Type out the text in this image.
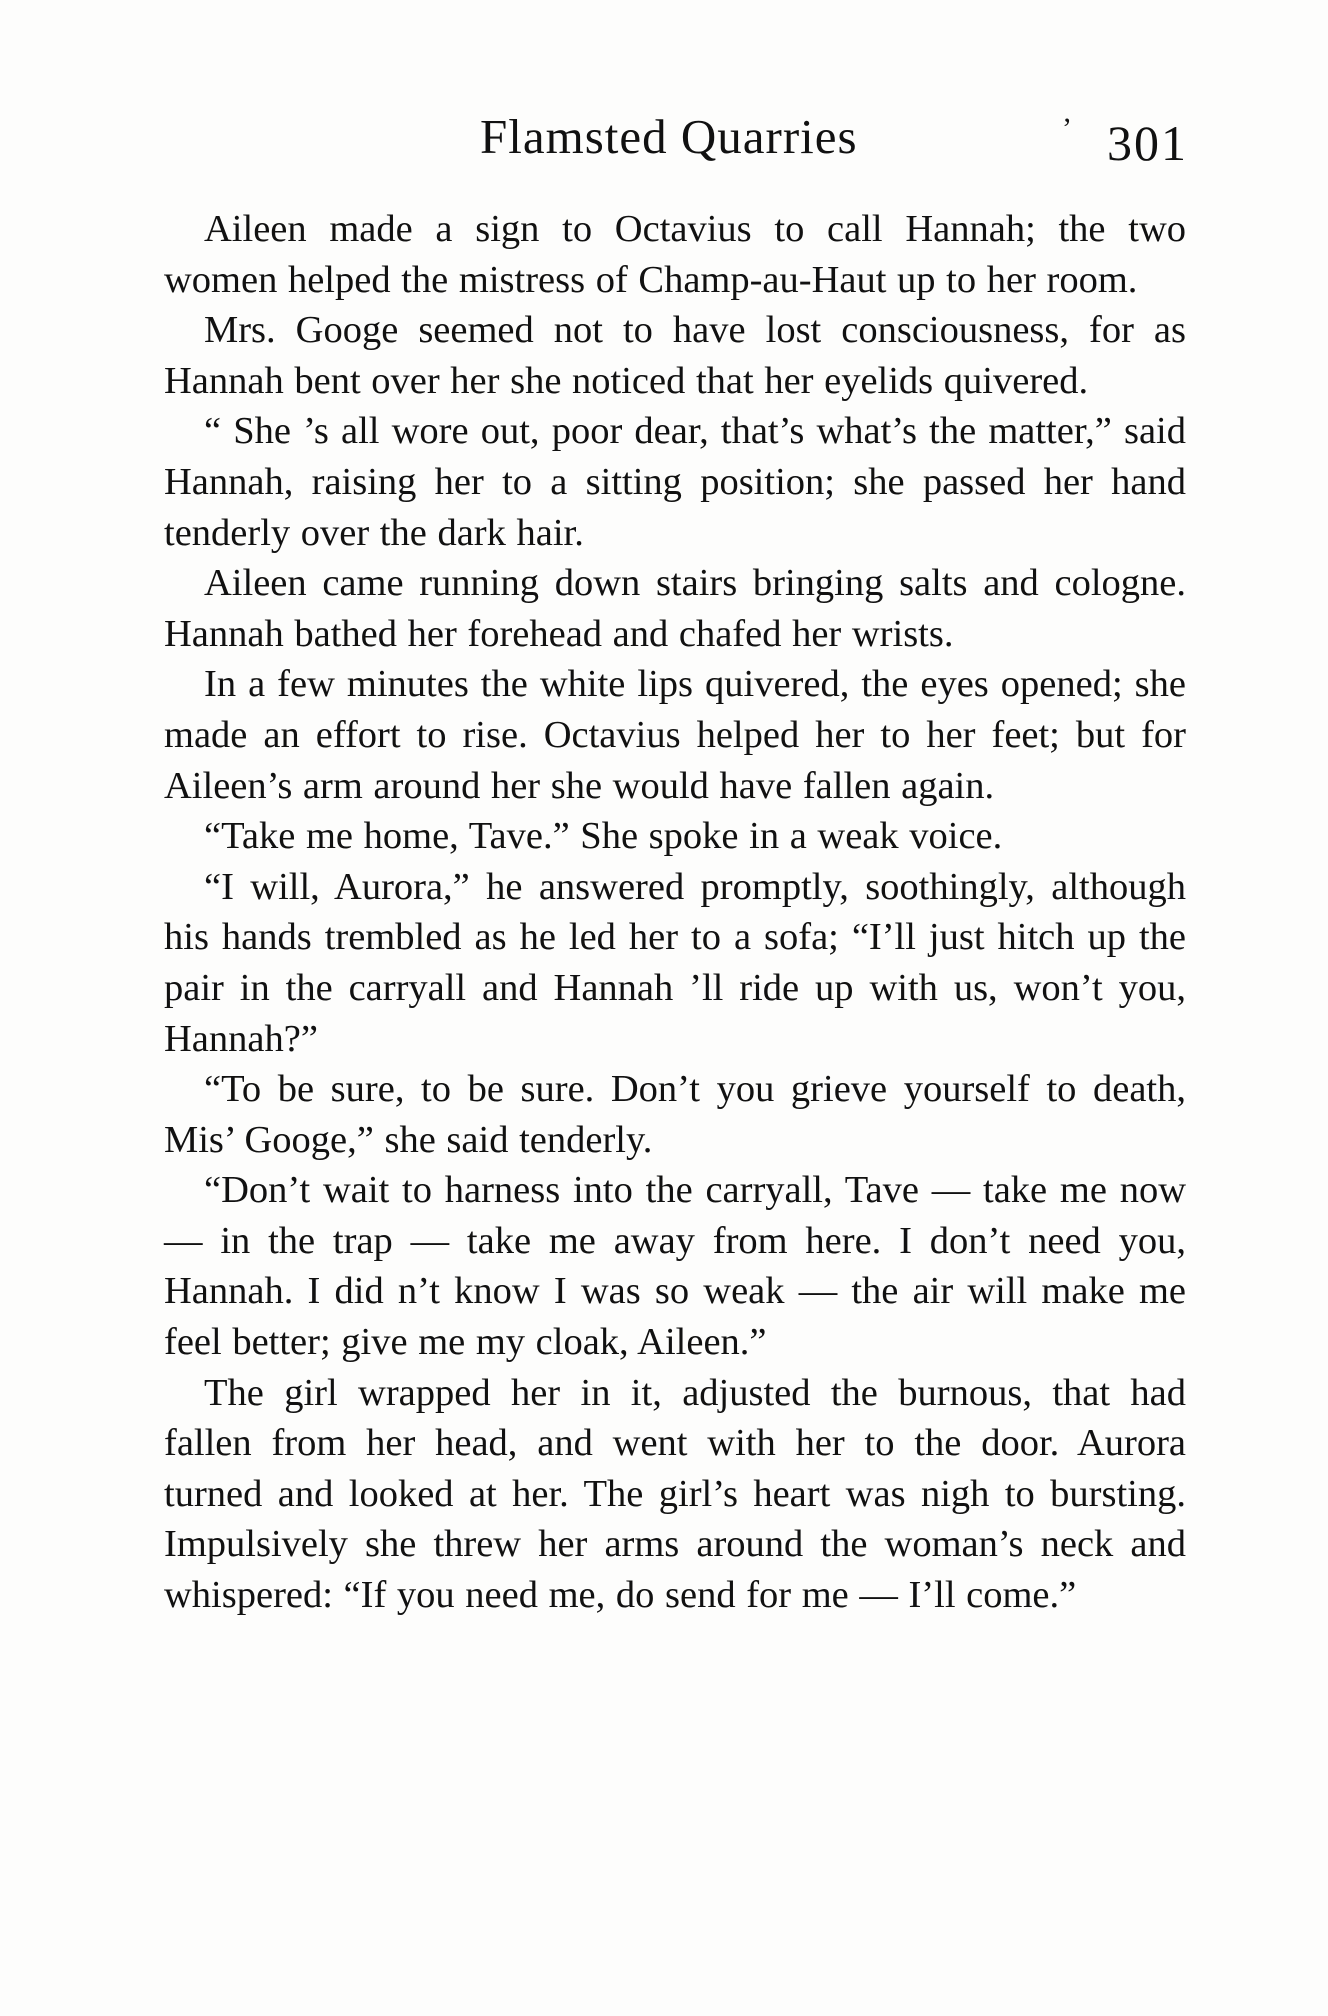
Flamsted Quarries	’ 301

Aileen made a sign to Octavius to call Hannah; the two women helped the mistress of Champ-au-Haut up to her room.

Mrs. Googe seemed not to have lost consciousness, for as Hannah bent over her she noticed that her eyelids quivered.

“ She ’s all wore out, poor dear, that’s what’s the matter,” said Hannah, raising her to a sitting position; she passed her hand tenderly over the dark hair.

Aileen came running down stairs bringing salts and cologne. Hannah bathed her forehead and chafed her wrists.

In a few minutes the white lips quivered, the eyes opened; she made an effort to rise. Octavius helped her to her feet; but for Aileen’s arm around her she would have fallen again.

“Take me home, Tave.” She spoke in a weak voice.

“I will, Aurora,” he answered promptly, soothingly, although his hands trembled as he led her to a sofa; “I’ll just hitch up the pair in the carryall and Hannah ’ll ride up with us, won’t you, Hannah?”

“To be sure, to be sure. Don’t you grieve yourself to death, Mis’ Googe,” she said tenderly.

“Don’t wait to harness into the carryall, Tave — take me now — in the trap — take me away from here. I don’t need you, Hannah. I did n’t know I was so weak — the air will make me feel better; give me my cloak, Aileen.”

The girl wrapped her in it, adjusted the burnous, that had fallen from her head, and went with her to the door. Aurora turned and looked at her. The girl’s heart was nigh to bursting. Impulsively she threw her arms around the woman’s neck and whispered: “If you need me, do send for me — I’ll come.”
